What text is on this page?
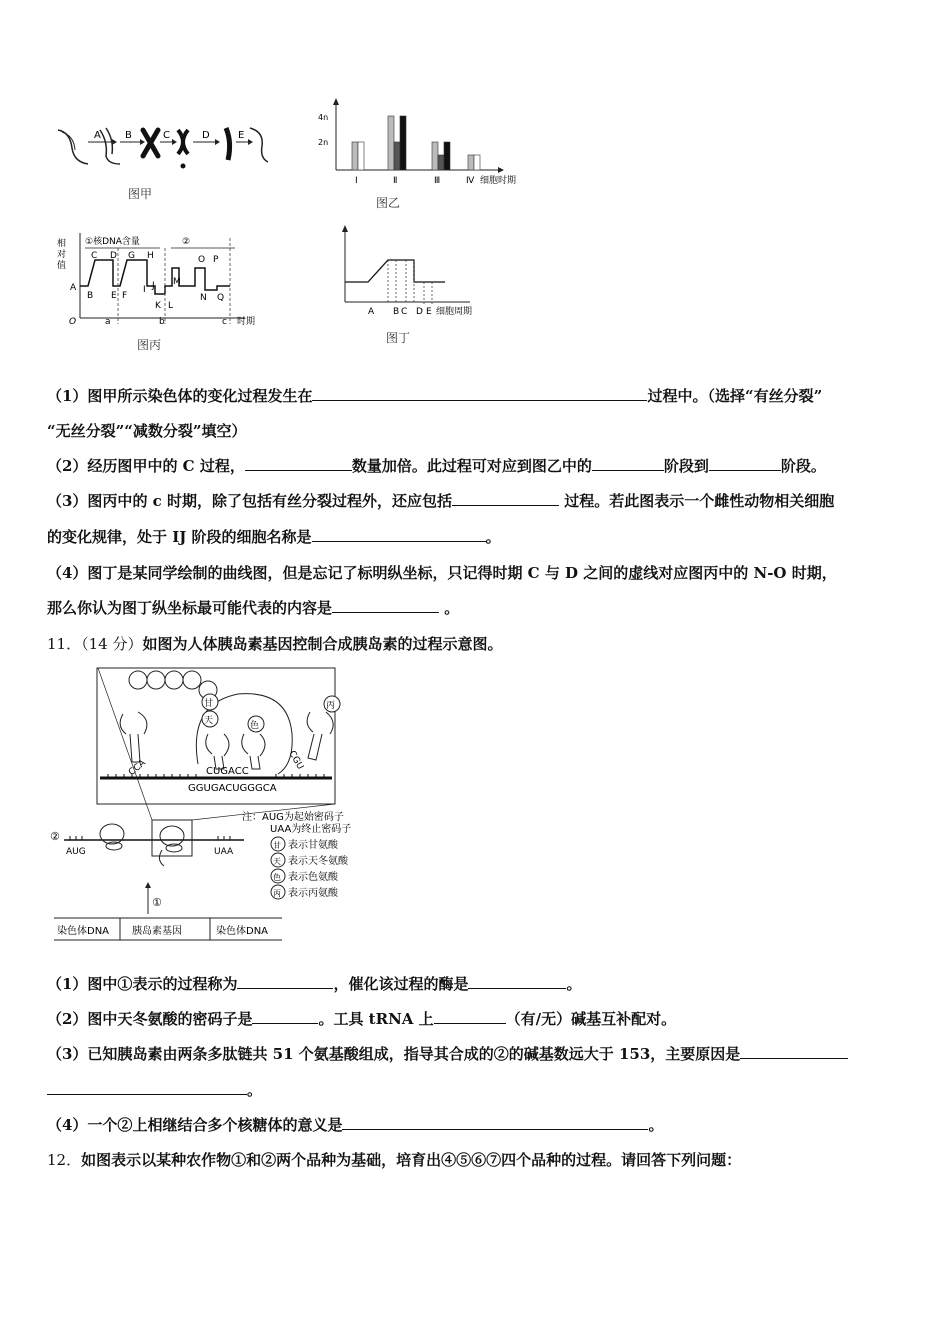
A B	C	D	E
图甲
4n
2n
Ⅰ	Ⅱ	Ⅲ	Ⅳ 细胞时期
图乙
相
对
值
①核DNA含量	②
A
B
C D
E F
G H
I J
K L
M
N
O P
Q
O	a	b	c 时期
图丙
A B C D E 细胞周期
图丁
（1）图甲所示染色体的变化过程发生在	过程中。（选择“有丝分裂”
“无丝分裂”“减数分裂”填空）
（2）经历图甲中的 C 过程，	数量加倍。此过程可对应到图乙中的	阶段到	阶段。
（3）图丙中的 c 时期，除了包括有丝分裂过程外，还应包括	过程。若此图表示一个雌性动物相关细胞
的变化规律，处于 IJ 阶段的细胞名称是	。
（4）图丁是某同学绘制的曲线图，但是忘记了标明纵坐标，只记得时期 C 与 D 之间的虚线对应图丙中的 N-O 时期，
那么你认为图丁纵坐标最可能代表的内容是	。
11．（14 分）如图为人体胰岛素基因控制合成胰岛素的过程示意图。
甘
天	色
丙
CCA	CUGACC	CGU
GGUGACUGGGCA
注：AUG为起始密码子
UAA为终止密码子
甘 表示甘氨酸
天 表示天冬氨酸
色 表示色氨酸
丙 表示丙氨酸
②
AUG	UAA
①
染色体DNA 胰岛素基因	染色体DNA
（1）图中①表示的过程称为	，催化该过程的酶是	。
（2）图中天冬氨酸的密码子是	。工具 tRNA 上	（有/无）碱基互补配对。
（3）已知胰岛素由两条多肽链共 51 个氨基酸组成，指导其合成的②的碱基数远大于 153，主要原因是
。
（4）一个②上相继结合多个核糖体的意义是	。
12．如图表示以某种农作物①和②两个品种为基础，培育出④⑤⑥⑦四个品种的过程。请回答下列问题：
